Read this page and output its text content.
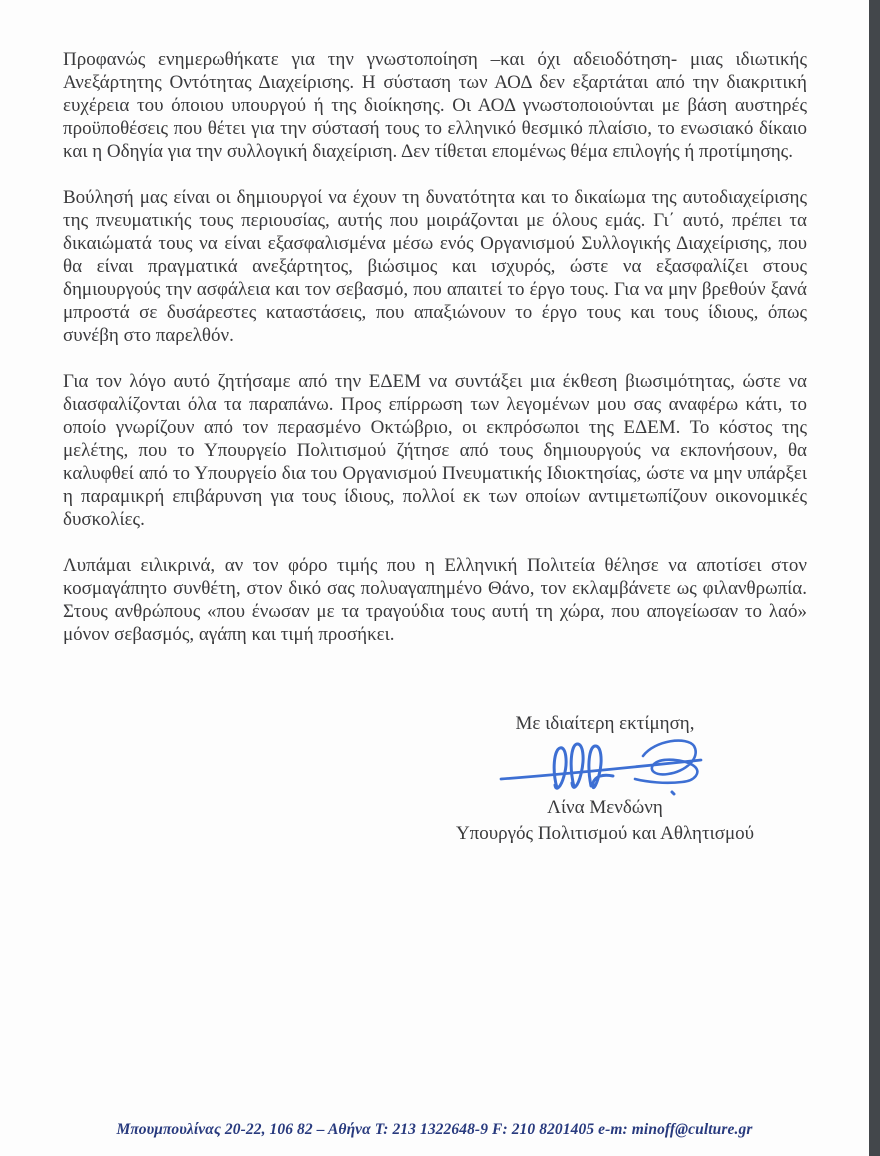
Προφανώς ενημερωθήκατε για την γνωστοποίηση –και όχι αδειοδότηση- μιας ιδιωτικής Ανεξάρτητης Οντότητας Διαχείρισης. Η σύσταση των ΑΟΔ δεν εξαρτάται από την διακριτική ευχέρεια του όποιου υπουργού ή της διοίκησης. Οι ΑΟΔ γνωστοποιούνται με βάση αυστηρές προϋποθέσεις που θέτει για την σύστασή τους το ελληνικό θεσμικό πλαίσιο, το ενωσιακό δίκαιο και η Οδηγία για την συλλογική διαχείριση. Δεν τίθεται επομένως θέμα επιλογής ή προτίμησης.

Βούλησή μας είναι οι δημιουργοί να έχουν τη δυνατότητα και το δικαίωμα της αυτοδιαχείρισης της πνευματικής τους περιουσίας, αυτής που μοιράζονται με όλους εμάς. Γι΄ αυτό, πρέπει τα δικαιώματά τους να είναι εξασφαλισμένα μέσω ενός Οργανισμού Συλλογικής Διαχείρισης, που θα είναι πραγματικά ανεξάρτητος, βιώσιμος και ισχυρός, ώστε να εξασφαλίζει στους δημιουργούς την ασφάλεια και τον σεβασμό, που απαιτεί το έργο τους. Για να μην βρεθούν ξανά μπροστά σε δυσάρεστες καταστάσεις, που απαξιώνουν το έργο τους και τους ίδιους, όπως συνέβη στο παρελθόν.

Για τον λόγο αυτό ζητήσαμε από την ΕΔΕΜ να συντάξει μια έκθεση βιωσιμότητας, ώστε να διασφαλίζονται όλα τα παραπάνω. Προς επίρρωση των λεγομένων μου σας αναφέρω κάτι, το οποίο γνωρίζουν από τον περασμένο Οκτώβριο, οι εκπρόσωποι της ΕΔΕΜ. Το κόστος της μελέτης, που το Υπουργείο Πολιτισμού ζήτησε από τους δημιουργούς να εκπονήσουν, θα καλυφθεί από το Υπουργείο δια του Οργανισμού Πνευματικής Ιδιοκτησίας, ώστε να μην υπάρξει η παραμικρή επιβάρυνση για τους ίδιους, πολλοί εκ των οποίων αντιμετωπίζουν οικονομικές δυσκολίες.

Λυπάμαι ειλικρινά, αν τον φόρο τιμής που η Ελληνική Πολιτεία θέλησε να αποτίσει στον κοσμαγάπητο συνθέτη, στον δικό σας πολυαγαπημένο Θάνο, τον εκλαμβάνετε ως φιλανθρωπία. Στους ανθρώπους «που ένωσαν με τα τραγούδια τους αυτή τη χώρα, που απογείωσαν το λαό» μόνον σεβασμός, αγάπη και τιμή προσήκει.

Με ιδιαίτερη εκτίμηση,
Λίνα Μενδώνη
Υπουργός Πολιτισμού και Αθλητισμού
Μπουμπουλίνας 20-22, 106 82 – Αθήνα Τ: 213 1322648-9 F: 210 8201405 e-m: minoff@culture.gr
